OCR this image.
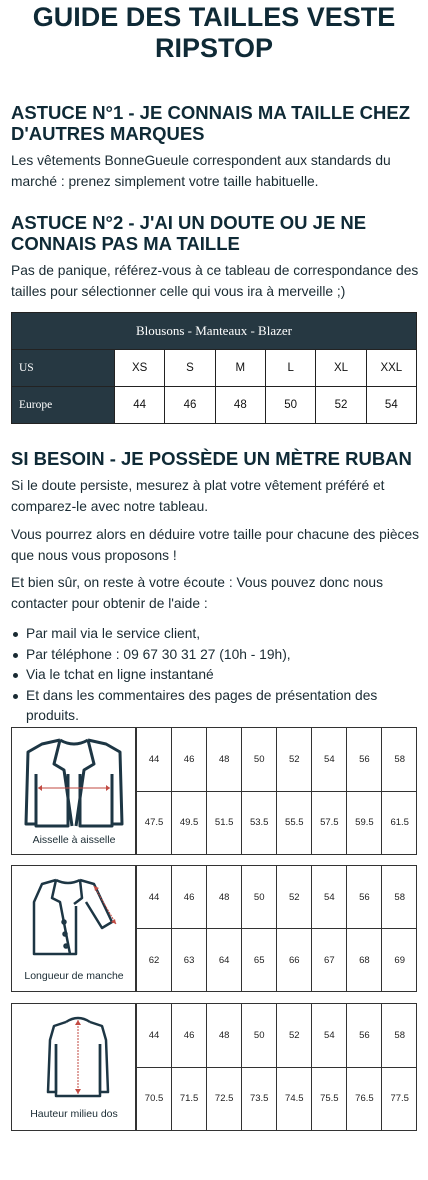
GUIDE DES TAILLES VESTE RIPSTOP
ASTUCE N°1 - JE CONNAIS MA TAILLE CHEZ D'AUTRES MARQUES

Les vêtements BonneGueule correspondent aux standards du marché : prenez simplement votre taille habituelle.

ASTUCE N°2 - J'AI UN DOUTE OU JE NE CONNAIS PAS MA TAILLE

Pas de panique, référez-vous à ce tableau de correspondance des tailles pour sélectionner celle qui vous ira à merveille ;)

Blousons - Manteaux - Blazer						
US	XS	S	M	L	XL	XXL
Europe	44	46	48	50	52	54
SI BESOIN - JE POSSÈDE UN MÈTRE RUBAN

Si le doute persiste, mesurez à plat votre vêtement préféré et comparez-le avec notre tableau.

Vous pourrez alors en déduire votre taille pour chacune des pièces que nous vous proposons !

Et bien sûr, on reste à votre écoute : Vous pouvez donc nous contacter pour obtenir de l'aide :

Par mail via le service client,
Par téléphone : 09 67 30 31 27 (10h - 19h),
Via le tchat en ligne instantané
Et dans les commentaires des pages de présentation des produits.
Aisselle à aisselle
44	46	48	50	52	54	56	58
47.5	49.5	51.5	53.5	55.5	57.5	59.5	61.5
Longueur de manche
44	46	48	50	52	54	56	58
62	63	64	65	66	67	68	69
Hauteur milieu dos
44	46	48	50	52	54	56	58
70.5	71.5	72.5	73.5	74.5	75.5	76.5	77.5
